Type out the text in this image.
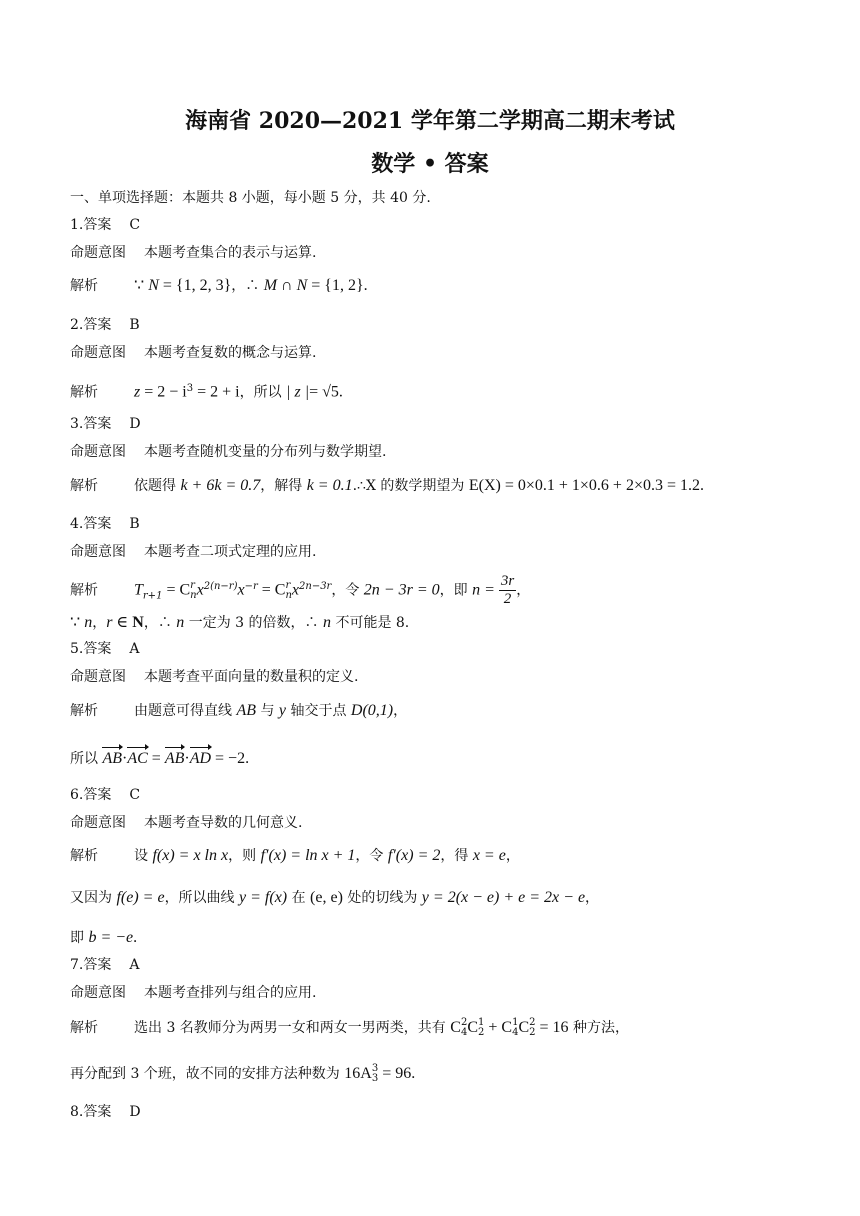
海南省 2020—2021 学年第二学期高二期末考试
数学 • 答案
一、单项选择题：本题共 8 小题，每小题 5 分，共 40 分.
1.答案 C
命题意图 本题考查集合的表示与运算.
解析 ∵ N = {1, 2, 3}，∴ M ∩ N = {1, 2}.
2.答案 B
命题意图 本题考查复数的概念与运算.
解析 $z = 2 - i^3 = 2 + i$，所以 | z |= √5.
3.答案 D
命题意图 本题考查随机变量的分布列与数学期望.
解析	依题得 k + 6k = 0.7，解得 k = 0.1.∴X 的数学期望为 E(X) = 0×0.1 + 1×0.6 + 2×0.3 = 1.2.
4.答案 B
命题意图 本题考查二项式定理的应用.
解析 $T_{r+1} = C$ r
n $x^{2(n-r)}x^{-r} = C$ r
n $x^{2n-3r}$，令 2n − 3r = 0，即 $n = \frac{3r}{2}$ ，
∵ n，r ∈ N，∴ n 一定为 3 的倍数，∴ n 不可能是 8.
5.答案 A
命题意图 本题考查平面向量的数量积的定义.
解析	由题意可得直线 AB 与 y 轴交于点 D(0,1)，
所以 AB·AC = AB·AD = −2.
6.答案 C
命题意图 本题考查导数的几何意义.
解析	设 f(x) = x ln x，则 f′(x) = ln x + 1，令 f′(x) = 2，得 x = e，
又因为 f(e) = e，所以曲线 y = f(x) 在 (e, e) 处的切线为 y = 2(x − e) + e = 2x − e，
即 b = −e.
7.答案 A
命题意图 本题考查排列与组合的应用.
解析	选出 3 名教师分为两男一女和两女一男两类，共有 C 2
4 C 1
2 + C 1
4 C 2
2 = 16 种方法，
再分配到 3 个班，故不同的安排方法种数为 16A 3
3 = 96.
8.答案 D
